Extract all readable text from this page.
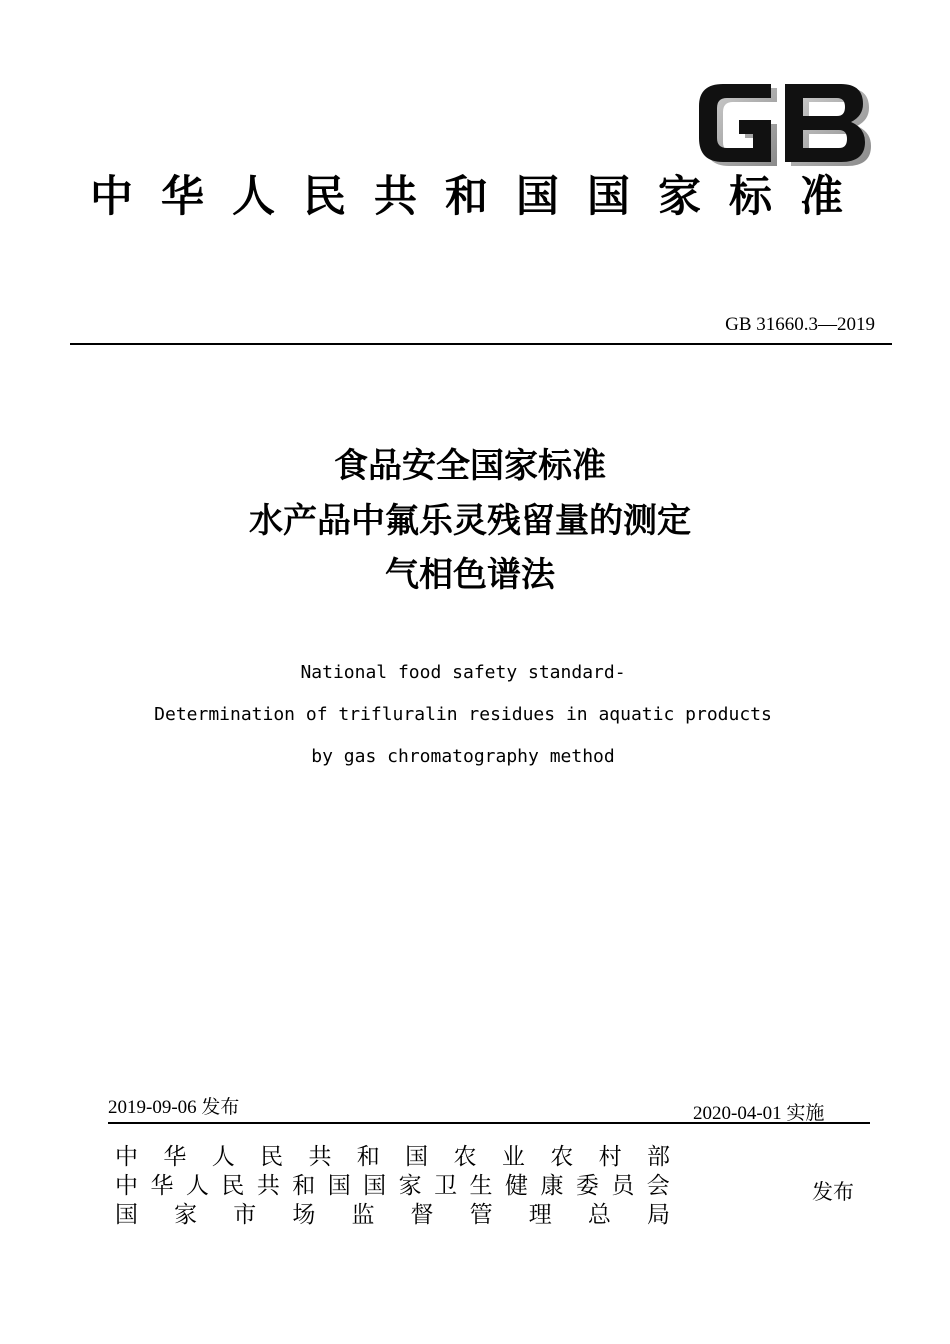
中华人民共和国国家标准
GB 31660.3—2019
食品安全国家标准
水产品中氟乐灵残留量的测定
气相色谱法
National food safety standard-
Determination of trifluralin residues in aquatic products
by gas chromatography method
2019-09-06 发布	2020-04-01 实施
中 华 人 民 共 和 国 农 业 农 村 部
中 华 人 民 共 和 国 国 家 卫 生 健 康 委 员 会
国 家 市 场 监 督 管 理 总 局
发布
